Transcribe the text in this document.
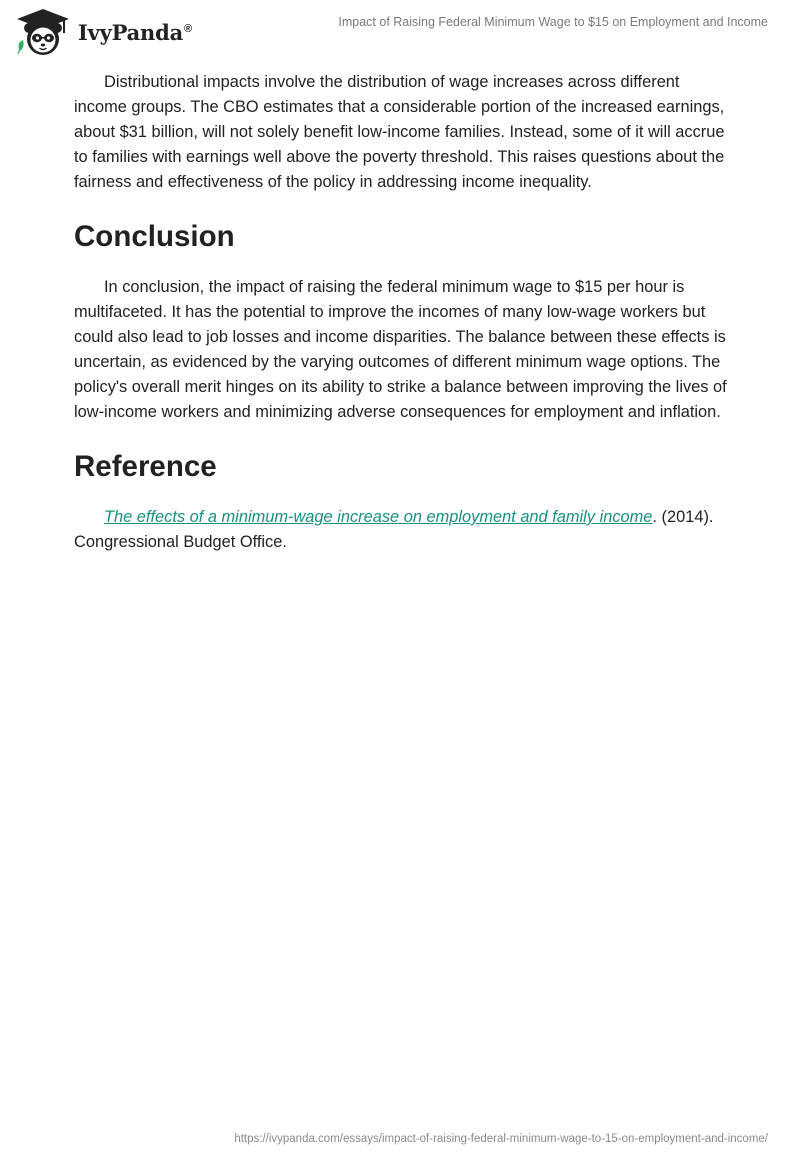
IvyPanda®	Impact of Raising Federal Minimum Wage to $15 on Employment and Income

Distributional impacts involve the distribution of wage increases across different income groups. The CBO estimates that a considerable portion of the increased earnings, about $31 billion, will not solely benefit low-income families. Instead, some of it will accrue to families with earnings well above the poverty threshold. This raises questions about the fairness and effectiveness of the policy in addressing income inequality.

Conclusion

In conclusion, the impact of raising the federal minimum wage to $15 per hour is multifaceted. It has the potential to improve the incomes of many low-wage workers but could also lead to job losses and income disparities. The balance between these effects is uncertain, as evidenced by the varying outcomes of different minimum wage options. The policy's overall merit hinges on its ability to strike a balance between improving the lives of low-income workers and minimizing adverse consequences for employment and inflation.

Reference

The effects of a minimum-wage increase on employment and family income. (2014). Congressional Budget Office.

https://ivypanda.com/essays/impact-of-raising-federal-minimum-wage-to-15-on-employment-and-income/
